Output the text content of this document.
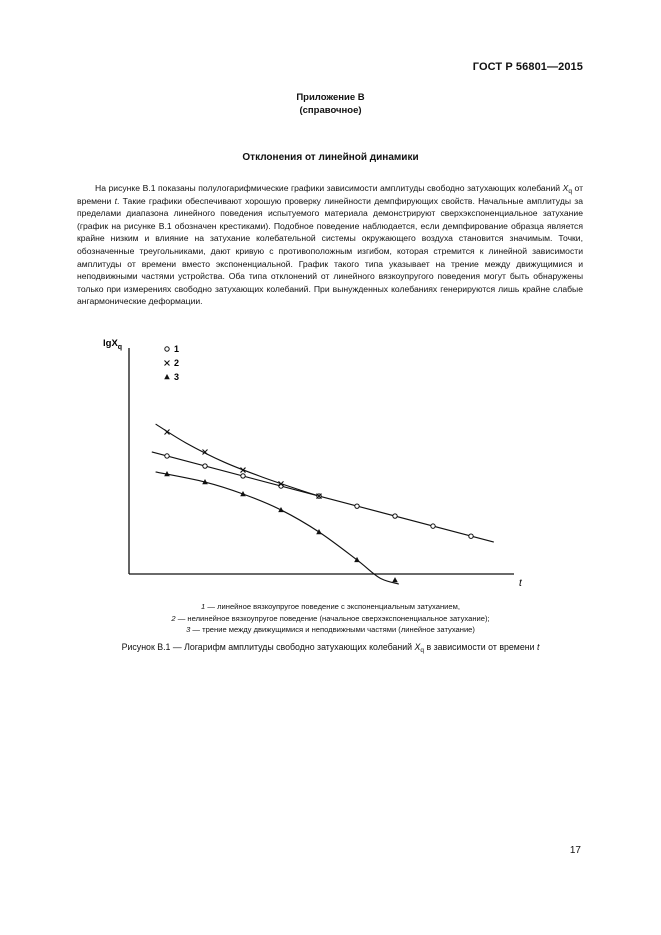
ГОСТ Р 56801—2015
Приложение В
(справочное)
Отклонения от линейной динамики

На рисунке В.1 показаны полулогарифмические графики зависимости амплитуды свободно затухающих колебаний $X_q$ от времени t. Такие графики обеспечивают хорошую проверку линейности демпфирующих свойств. Начальные амплитуды за пределами диапазона линейного поведения испытуемого материала демонстрируют сверхэкспоненциальное затухание (график на рисунке В.1 обозначен крестиками). Подобное поведение наблюдается, если демпфирование образца является крайне низким и влияние на затухание колебательной системы окружающего воздуха становится значимым. Точки, обозначенные треугольниками, дают кривую с противоположным изгибом, которая стремится к линейной зависимости амплитуды от времени вместо экспоненциальной. График такого типа указывает на трение между движущимися и неподвижными частями устройства. Оба типа отклонений от линейного вязкоупругого поведения могут быть обнаружены только при измерениях свободно затухающих колебаний. При вынужденных колебаниях генерируются лишь крайне слабые ангармонические деформации.

lgX$_q$
t
1
2
3
1 — линейное вязкоупругое поведение с экспоненциальным затуханием,
2 — нелинейное вязкоупругое поведение (начальное сверхэкспоненциальное затухание);
3 — трение между движущимися и неподвижными частями (линейное затухание)
Рисунок В.1 — Логарифм амплитуды свободно затухающих колебаний $X_q$ в зависимости от времени t
17
